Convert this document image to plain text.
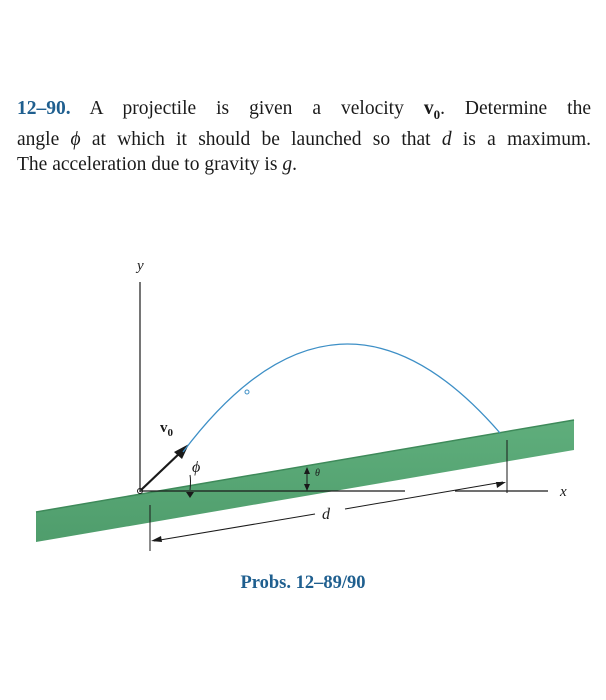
12–90. A projectile is given a velocity $v_0$. Determine the
angle ϕ at which it should be launched so that d is a maximum.
The acceleration due to gravity is g.

y
x
$v_0$
ϕ	θ
d
Probs. 12–89/90
